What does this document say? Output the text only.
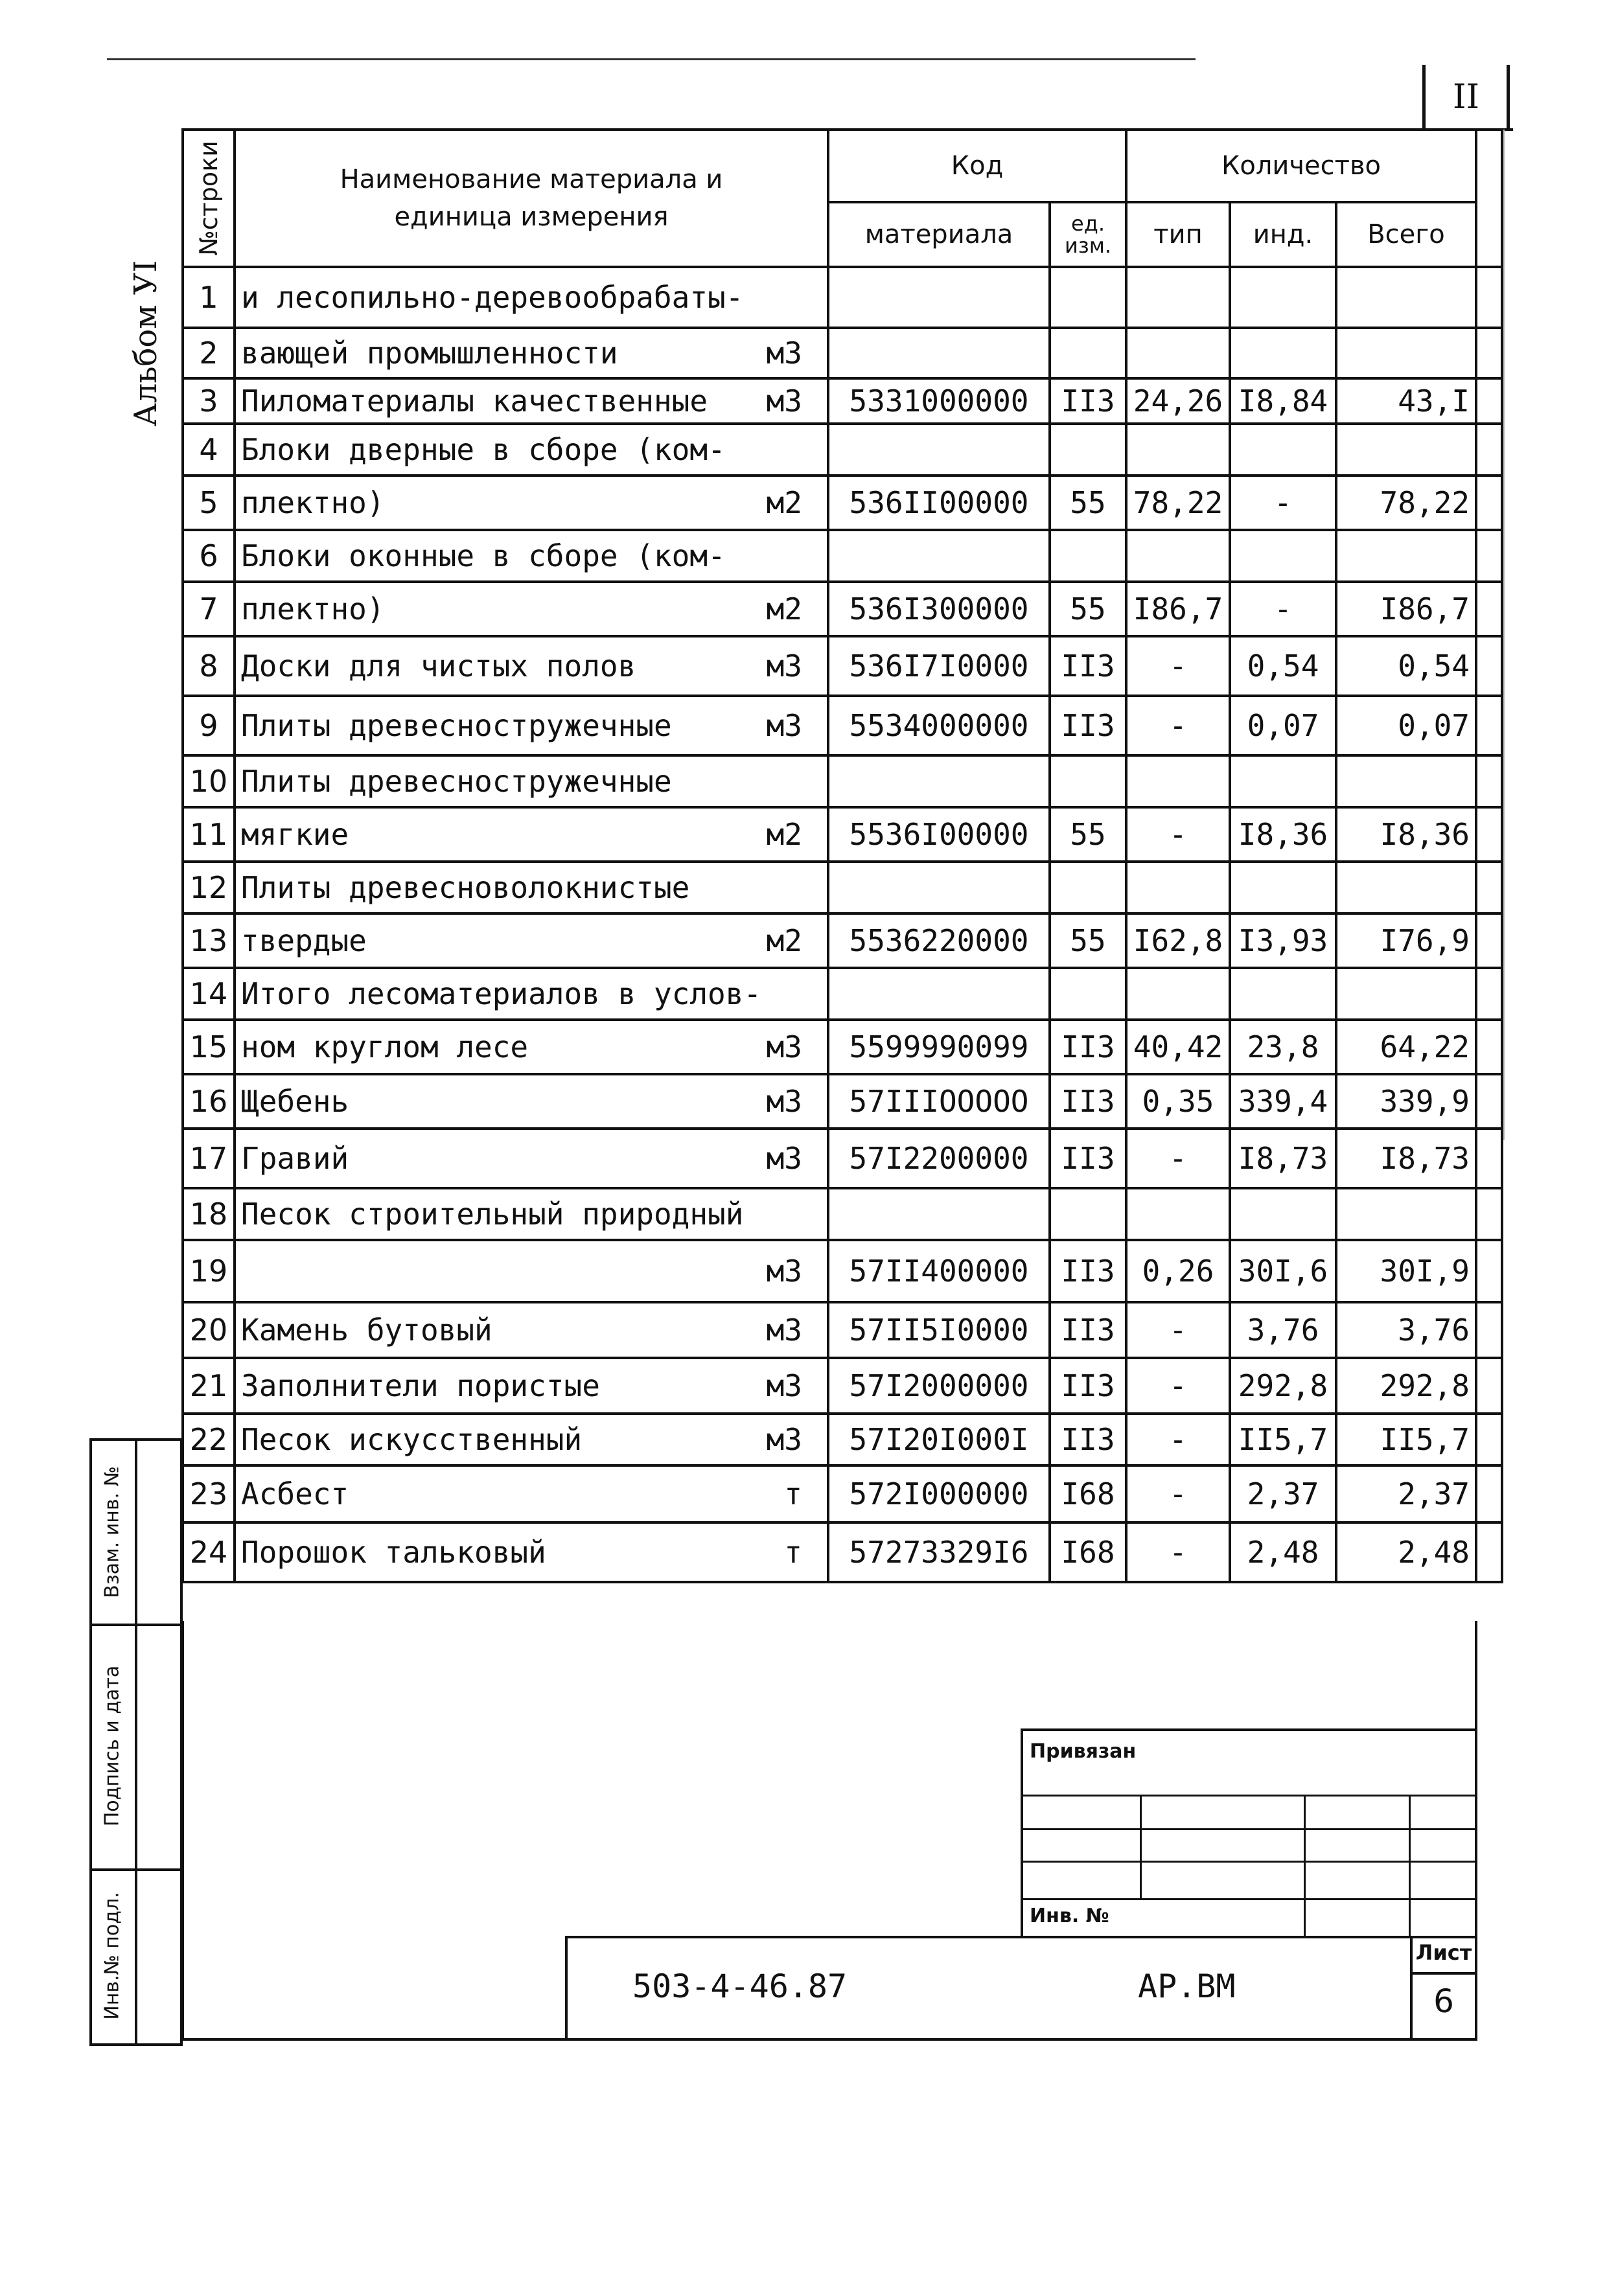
II
Альбом УI
№строки	Наименование материала и единица измерения	Код		Количество			
		материала	ед. изм.	тип	инд.	Всего	
1	и лесопильно-деревообрабаты-						

2	вающей промышленности м3						

3	Пиломатериалы качественные м3	5331000000	II3	24,26	I8,84	43,I	
4	Блоки дверные в сборе (ком-						

5	плектно) м2	536II00000	55	78,22	-	78,22	
6	Блоки оконные в сборе (ком-						

7	плектно) м2	536I300000	55	I86,7	-	I86,7	
8	Доски для чистых полов м3	536I7I0000	II3	-	0,54	0,54	
9	Плиты древесностружечные м3	5534000000	II3	-	0,07	0,07	
10	Плиты древесностружечные						

11	мягкие м2	5536I00000	55	-	I8,36	I8,36	
12	Плиты древесноволокнистые						

13	твердые м2	5536220000	55	I62,8	I3,93	I76,9	
14	Итого лесоматериалов в услов-						

15	ном круглом лесе м3	5599990099	II3	40,42	23,8	64,22	
16	Щебень м3	57IIIOOOOO	II3	0,35	339,4	339,9	
17	Гравий м3	57I2200000	II3	-	I8,73	I8,73	
18	Песок строительный природный						

19	м3	57II400000	II3	0,26	30I,6	30I,9	
20	Камень бутовый м3	57II5I0000	II3	-	3,76	3,76	
21	Заполнители пористые м3	57I2000000	II3	-	292,8	292,8	
22	Песок искусственный м3	57I20I000I	II3	-	II5,7	II5,7	
23	Асбест т	572I000000	I68	-	2,37	2,37	
24	Порошок тальковый т	57273329I6	I68	-	2,48	2,48	
Взам. инв. №
Подпись и дата
Инв.№ подл.
Привязан
Инв. №
503-4-46.87	АР.ВМ
Лист
6
